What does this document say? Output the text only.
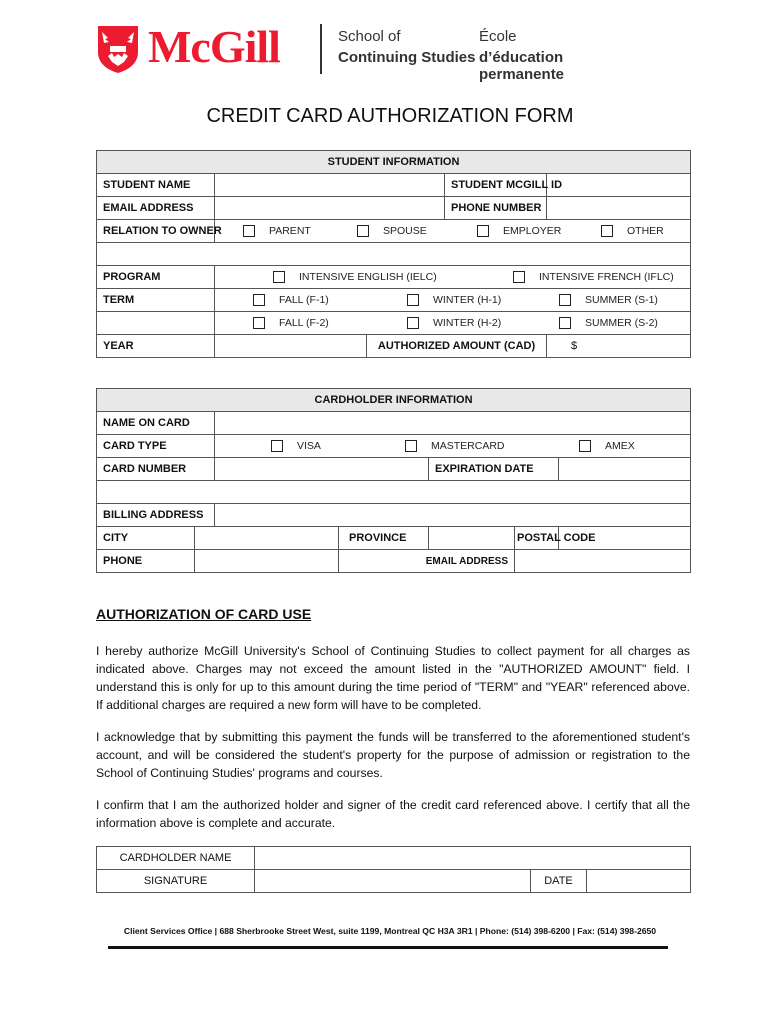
McGill	School of
Continuing Studies
École
d’éducation permanente
CREDIT CARD AUTHORIZATION FORM
STUDENT INFORMATION				
STUDENT NAME			STUDENT MCGILL ID	
EMAIL ADDRESS			PHONE NUMBER	
RELATION TO OWNER	PARENT SPOUSE EMPLOYER OTHER			

PROGRAM	INTENSIVE ENGLISH (IELC) INTENSIVE FRENCH (IFLC)			

TERM	FALL (F-1) WINTER (H-1) SUMMER (S-1)			

	FALL (F-2) WINTER (H-2) SUMMER (S-2)			

YEAR		AUTHORIZED AMOUNT (CAD)		$
CARDHOLDER INFORMATION						
NAME ON CARD						
CARD TYPE		VISA MASTERCARD AMEX				

CARD NUMBER				EXPIRATION DATE		

BILLING ADDRESS						
CITY			PROVINCE		POSTAL CODE	
PHONE			EMAIL ADDRESS			
AUTHORIZATION OF CARD USE
I hereby authorize McGill University's School of Continuing Studies to collect payment for all charges as indicated above. Charges may not exceed the amount listed in the "AUTHORIZED AMOUNT" field. I understand this is only for up to this amount during the time period of "TERM" and "YEAR" referenced above. If additional charges are required a new form will have to be completed.
I acknowledge that by submitting this payment the funds will be transferred to the aforementioned student's account, and will be considered the student's property for the purpose of admission or registration to the School of Continuing Studies' programs and courses.
I confirm that I am the authorized holder and signer of the credit card referenced above. I certify that all the information above is complete and accurate.
CARDHOLDER NAME			
SIGNATURE		DATE	
Client Services Office | 688 Sherbrooke Street West, suite 1199, Montreal QC H3A 3R1 | Phone: (514) 398-6200 | Fax: (514) 398-2650
